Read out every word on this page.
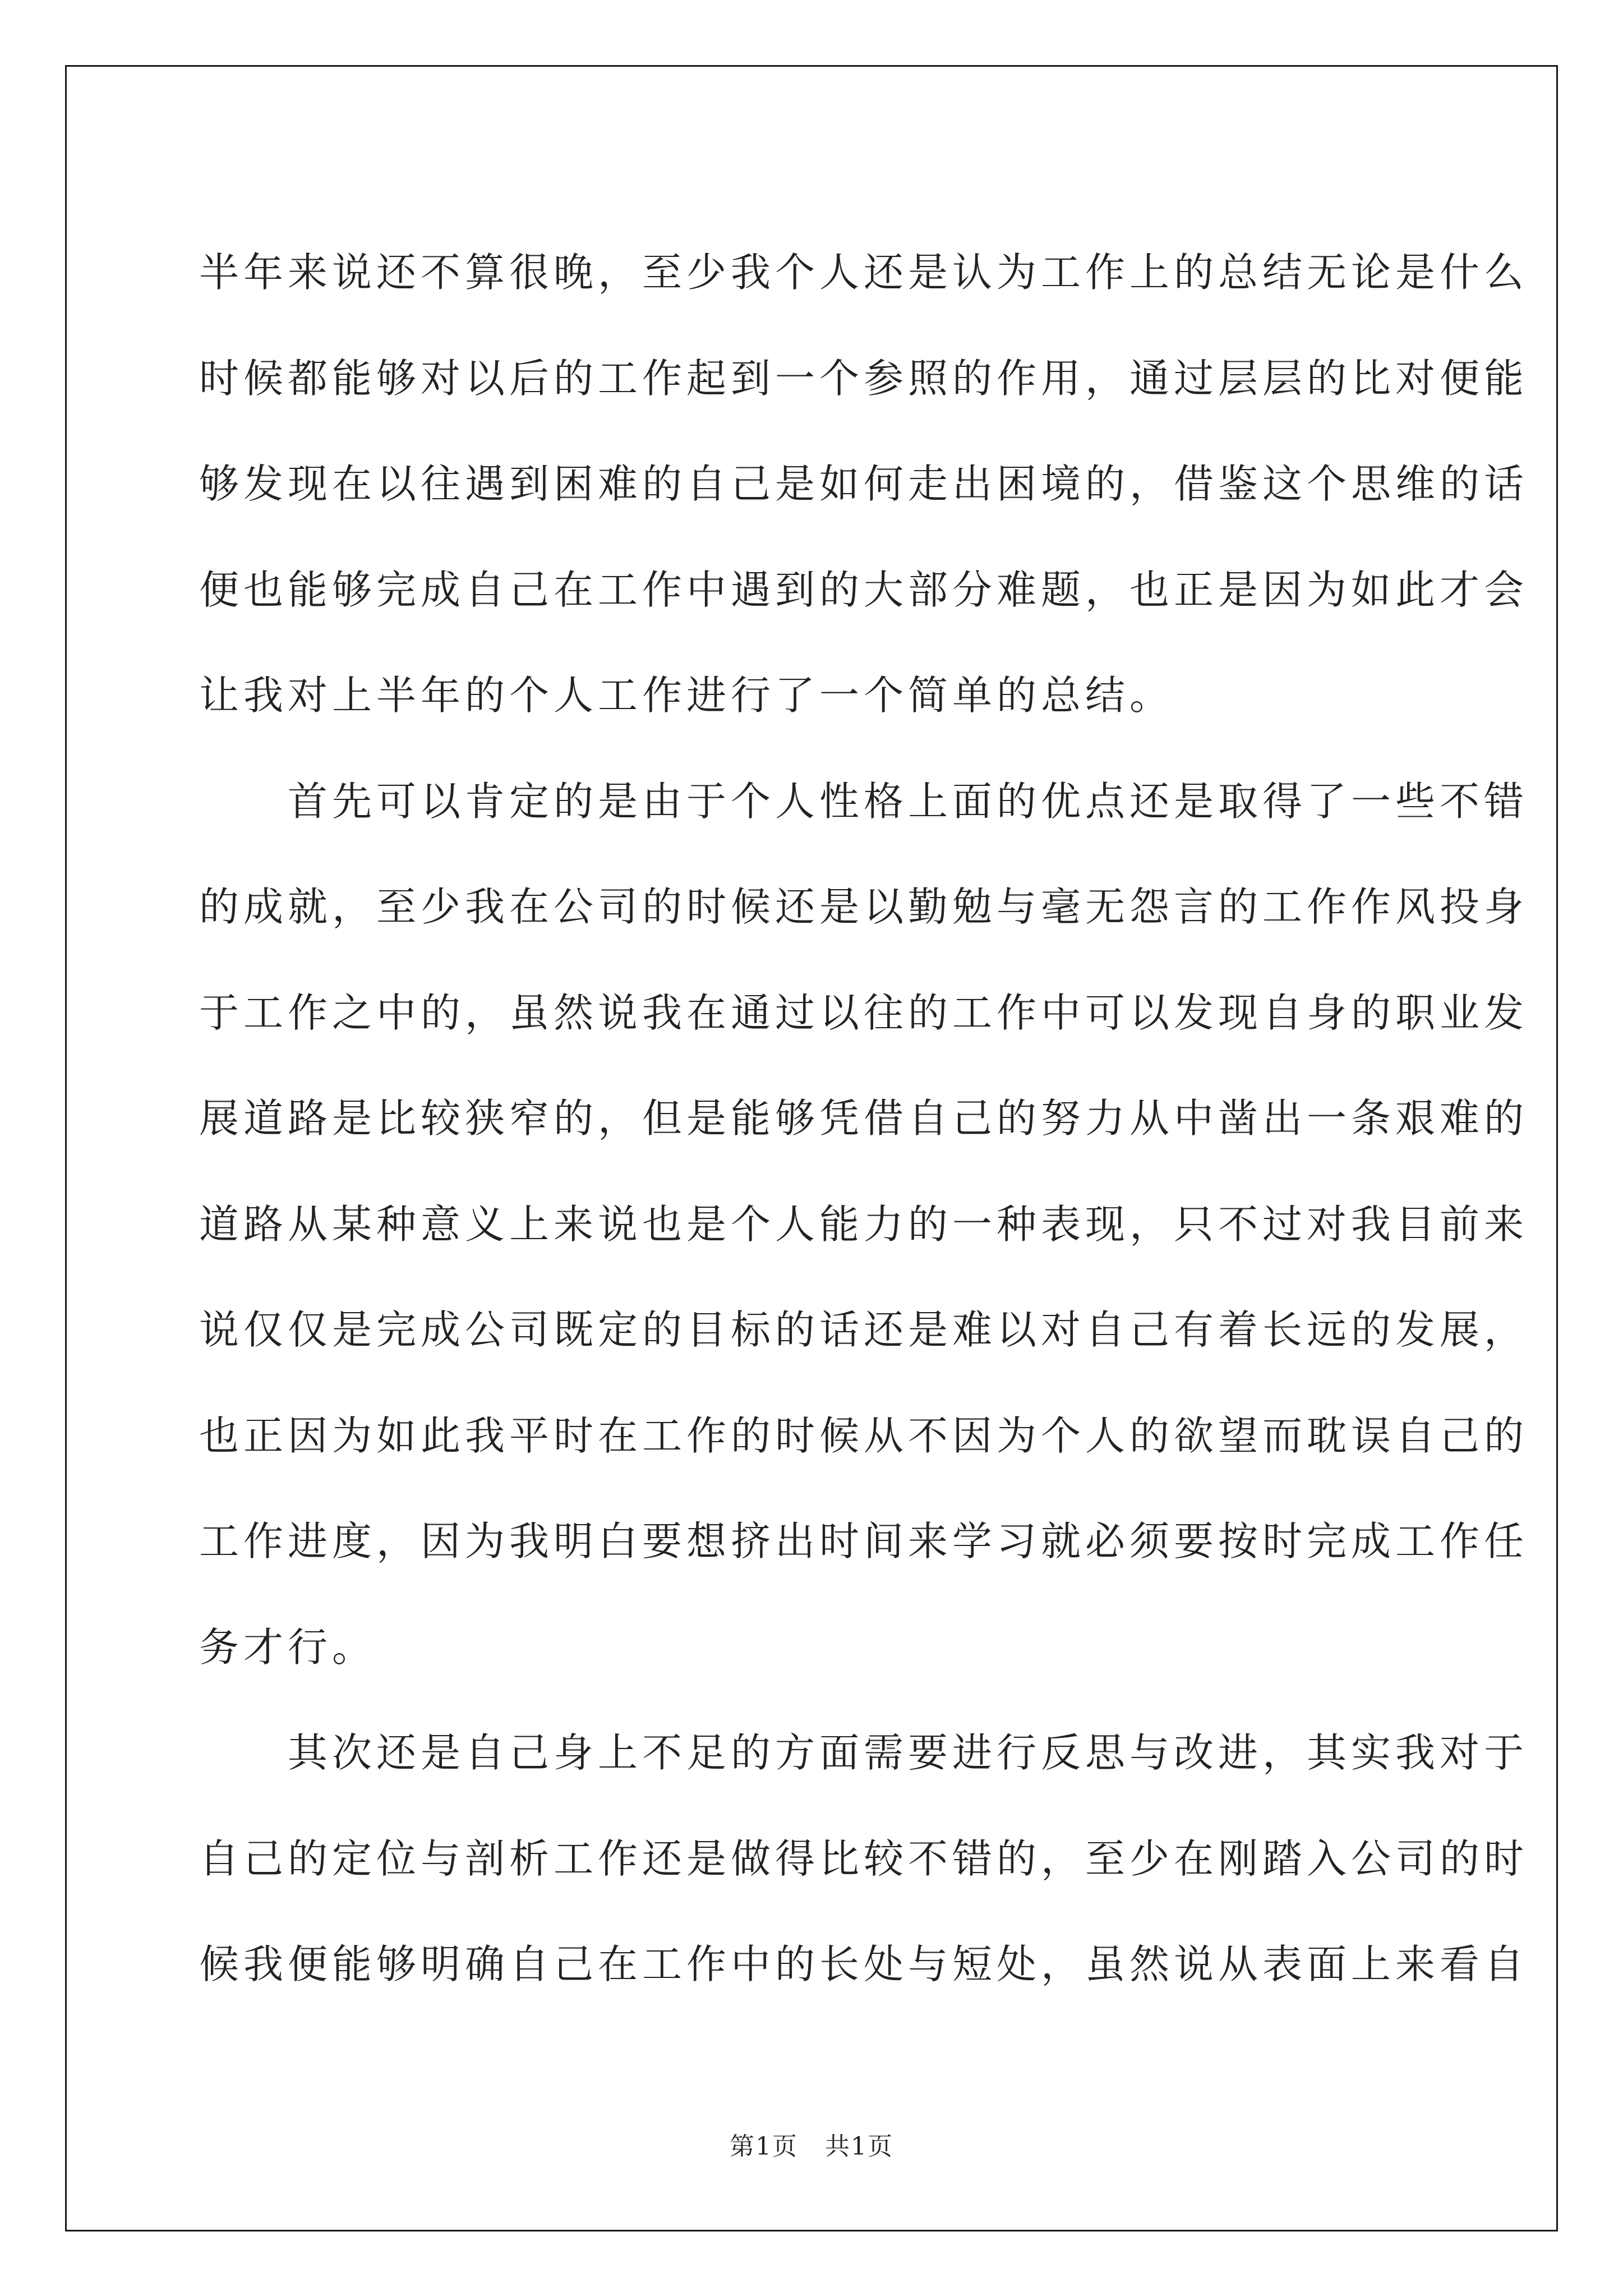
半年来说还不算很晚，至少我个人还是认为工作上的总结无论是什么
时候都能够对以后的工作起到一个参照的作用，通过层层的比对便能
够发现在以往遇到困难的自己是如何走出困境的，借鉴这个思维的话
便也能够完成自己在工作中遇到的大部分难题，也正是因为如此才会
让我对上半年的个人工作进行了一个简单的总结。
　　首先可以肯定的是由于个人性格上面的优点还是取得了一些不错
的成就，至少我在公司的时候还是以勤勉与毫无怨言的工作作风投身
于工作之中的，虽然说我在通过以往的工作中可以发现自身的职业发
展道路是比较狭窄的，但是能够凭借自己的努力从中凿出一条艰难的
道路从某种意义上来说也是个人能力的一种表现，只不过对我目前来
说仅仅是完成公司既定的目标的话还是难以对自己有着长远的发展，
也正因为如此我平时在工作的时候从不因为个人的欲望而耽误自己的
工作进度，因为我明白要想挤出时间来学习就必须要按时完成工作任
务才行。
　　其次还是自己身上不足的方面需要进行反思与改进，其实我对于
自己的定位与剖析工作还是做得比较不错的，至少在刚踏入公司的时
候我便能够明确自己在工作中的长处与短处，虽然说从表面上来看自
第1页 共1页
